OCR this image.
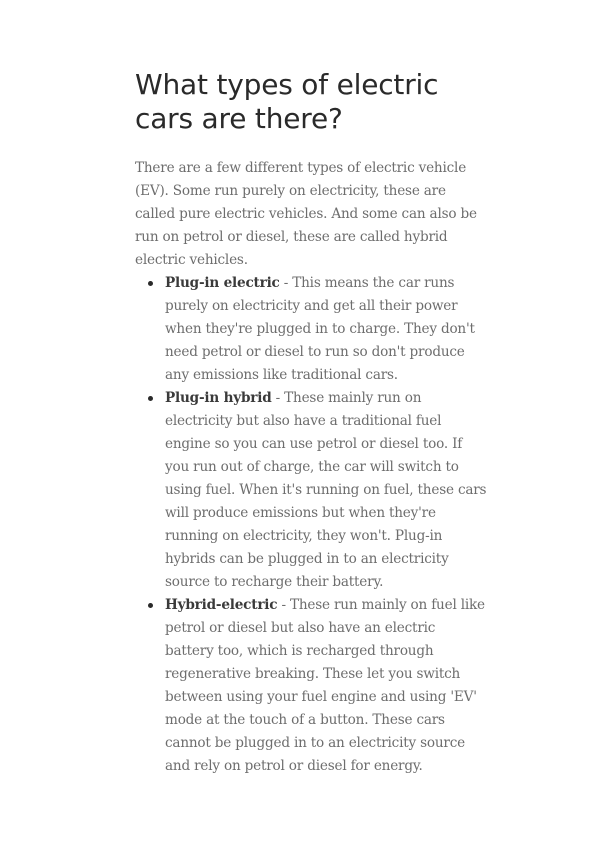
What types of electric cars are there?

There are a few different types of electric vehicle (EV). Some run purely on electricity, these are called pure electric vehicles. And some can also be run on petrol or diesel, these are called hybrid electric vehicles.

Plug-in electric - This means the car runs purely on electricity and get all their power when they're plugged in to charge. They don't need petrol or diesel to run so don't produce any emissions like traditional cars.
Plug-in hybrid - These mainly run on electricity but also have a traditional fuel engine so you can use petrol or diesel too. If you run out of charge, the car will switch to using fuel. When it's running on fuel, these cars will produce emissions but when they're running on electricity, they won't. Plug-in hybrids can be plugged in to an electricity source to recharge their battery.
Hybrid-electric - These run mainly on fuel like petrol or diesel but also have an electric battery too, which is recharged through regenerative breaking. These let you switch between using your fuel engine and using 'EV' mode at the touch of a button. These cars cannot be plugged in to an electricity source and rely on petrol or diesel for energy.
